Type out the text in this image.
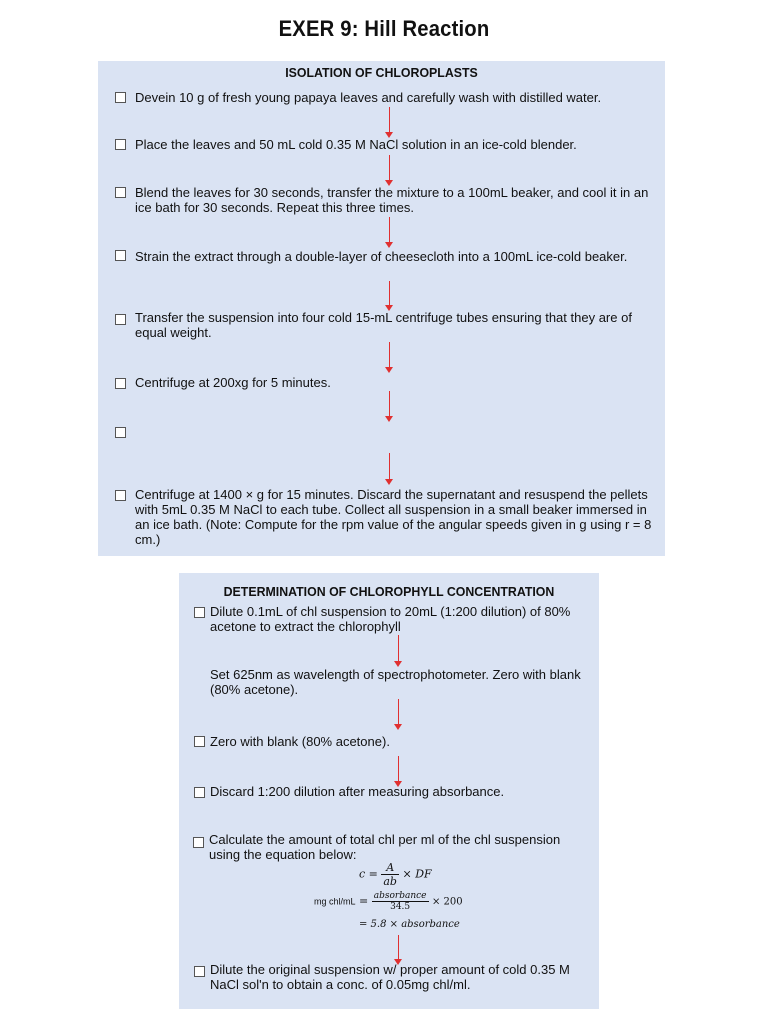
EXER 9: Hill Reaction
ISOLATION OF CHLOROPLASTS
Devein 10 g of fresh young papaya leaves and carefully wash with distilled water.
Place the leaves and 50 mL cold 0.35 M NaCl solution in an ice-cold blender.
Blend the leaves for 30 seconds, transfer the mixture to a 100mL beaker, and cool it in an ice bath for 30 seconds. Repeat this three times.
Strain the extract through a double-layer of cheesecloth into a 100mL ice-cold beaker.
Transfer the suspension into four cold 15-mL centrifuge tubes ensuring that they are of equal weight.
Centrifuge at 200xg for 5 minutes.
Centrifuge at 1400 × g for 15 minutes. Discard the supernatant and resuspend the pellets with 5mL 0.35 M NaCl to each tube. Collect all suspension in a small beaker immersed in an ice bath. (Note: Compute for the rpm value of the angular speeds given in g using r = 8 cm.)
DETERMINATION OF CHLOROPHYLL CONCENTRATION
Dilute 0.1mL of chl suspension to 20mL (1:200 dilution) of 80% acetone to extract the chlorophyll
Set 625nm as wavelength of spectrophotometer. Zero with blank (80% acetone).
Zero with blank (80% acetone).
Discard 1:200 dilution after measuring absorbance.
Calculate the amount of total chl per ml of the chl suspension using the equation below:
$c = \frac{A}{ab}$ × DF
mg $chl/mL = \frac{\text{absorbance}}{34.5} \times 200$
= 5.8 × absorbance
Dilute the original suspension w/ proper amount of cold 0.35 M NaCl sol'n to obtain a conc. of 0.05mg chl/ml.
